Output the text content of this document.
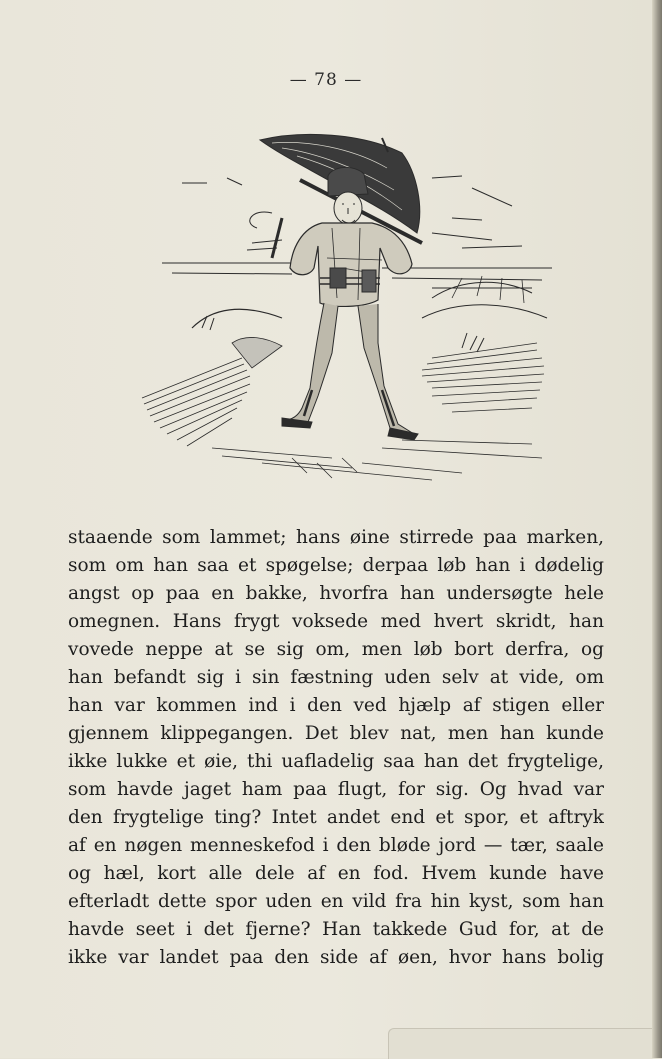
— 78 —
staaende som lammet; hans øine stirrede paa marken,
som om han saa et spøgelse; derpaa løb han i dødelig
angst op paa en bakke, hvorfra han undersøgte hele
omegnen. Hans frygt voksede med hvert skridt, han
vovede neppe at se sig om, men løb bort derfra, og
han befandt sig i sin fæstning uden selv at vide, om
han var kommen ind i den ved hjælp af stigen eller
gjennem klippegangen. Det blev nat, men han kunde
ikke lukke et øie, thi uafladelig saa han det frygtelige,
som havde jaget ham paa flugt, for sig. Og hvad var
den frygtelige ting? Intet andet end et spor, et aftryk
af en nøgen menneskefod i den bløde jord — tær, saale
og hæl, kort alle dele af en fod. Hvem kunde have
efterladt dette spor uden en vild fra hin kyst, som han
havde seet i det fjerne? Han takkede Gud for, at de
ikke var landet paa den side af øen, hvor hans bolig
